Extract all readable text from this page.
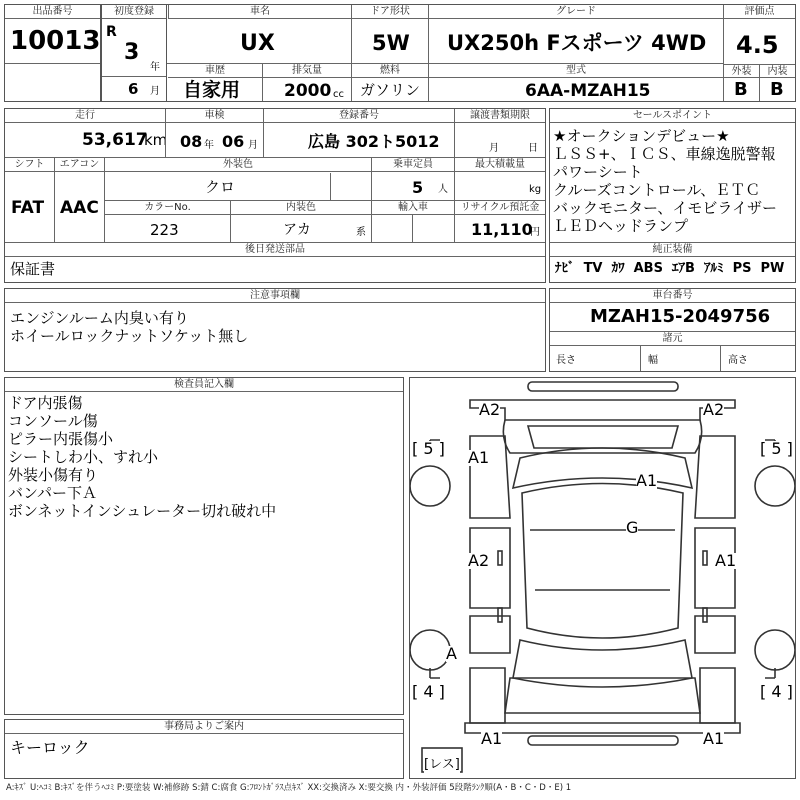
出品番号
10013
初度登録
R
3
年
6 月
車名
UX
ドア形状
5W
グレード
UX250h Fスポーツ 4WD
車歴
自家用
排気量
2000 cc
燃料
ガソリン
型式
6AA-MZAH15
評価点
4.5
外装	内装
B B
走行
53,617
km
車検
08 年 06 月
登録番号
広島 302ト5012
譲渡書類期限
月	日
シフト
FAT
エアコン
AAC
外装色
クロ
乗車定員
5 人
最大積載量
kg
カラーNo.
223
内装色
アカ	系
輸入車	リサイクル預託金
11,110
円
後日発送部品
保証書
セールスポイント
★オークションデビュー★
ＬＳＳ+、ＩＣＳ、車線逸脱警報
パワーシート
クルーズコントロール、ＥＴＣ
バックモニター、イモビライザー
ＬＥＤヘッドランプ
純正装備
ﾅﾋﾞ TV ｶﾜ ABS ｴｱB ｱﾙﾐ PS PW
注意事項欄
エンジンルーム内臭い有り
ホイールロックナットソケット無し
車台番号
MZAH15-2049756
諸元
長さ	幅	高さ
検査員記入欄
ドア内張傷
コンソール傷
ピラー内張傷小
シートしわ小、すれ小
外装小傷有り
バンパー下Ａ
ボンネットインシュレーター切れ破れ中
事務局よりご案内
キーロック
A2	A2
[ 5 ]	[ 5 ]
A1
A1
G
A2	A1
A
[ 4 ]	[ 4 ]
A1	A1
[レス]
A:ｷｽﾞ U:ﾍｺﾐ B:ｷｽﾞを伴うﾍｺﾐ P:要塗装 W:補修跡 S:錆 C:腐食 G:ﾌﾛﾝﾄｶﾞﾗｽ点ｷｽﾞ XX:交換済み X:要交換 内・外装評価 5段階ﾗﾝｸ順(A・B・C・D・E) 1
